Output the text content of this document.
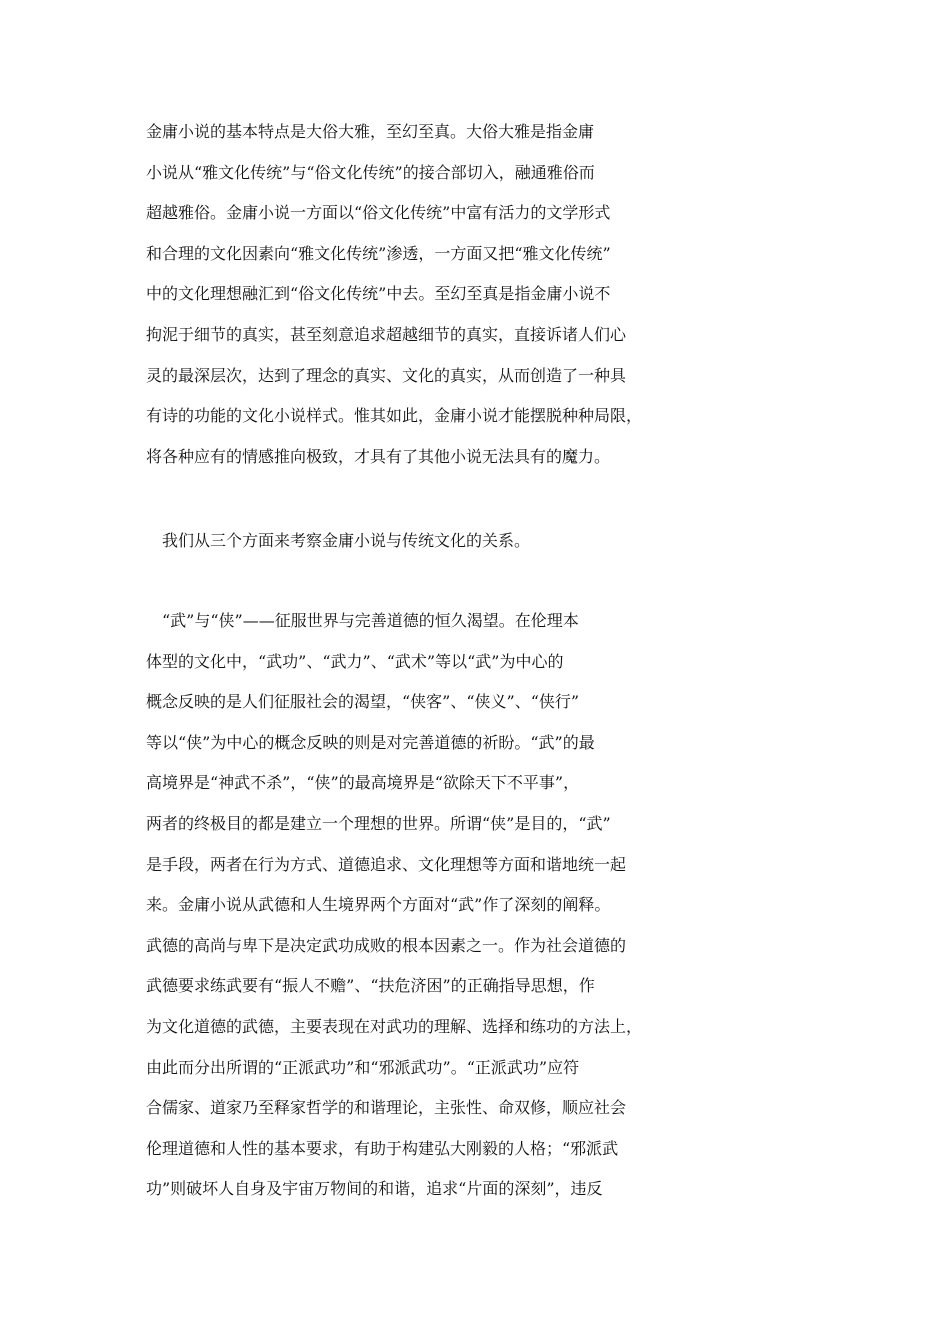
金庸小说的基本特点是大俗大雅，至幻至真。大俗大雅是指金庸
小说从“雅文化传统”与“俗文化传统”的接合部切入，融通雅俗而
超越雅俗。金庸小说一方面以“俗文化传统”中富有活力的文学形式
和合理的文化因素向“雅文化传统”渗透，一方面又把“雅文化传统”
中的文化理想融汇到“俗文化传统”中去。至幻至真是指金庸小说不
拘泥于细节的真实，甚至刻意追求超越细节的真实，直接诉诸人们心
灵的最深层次，达到了理念的真实、文化的真实，从而创造了一种具
有诗的功能的文化小说样式。惟其如此，金庸小说才能摆脱种种局限，
将各种应有的情感推向极致，才具有了其他小说无法具有的魔力。
我们从三个方面来考察金庸小说与传统文化的关系。
“武”与“侠”——征服世界与完善道德的恒久渴望。在伦理本
体型的文化中，“武功”、“武力”、“武术”等以“武”为中心的
概念反映的是人们征服社会的渴望，“侠客”、“侠义”、“侠行”
等以“侠”为中心的概念反映的则是对完善道德的祈盼。“武”的最
高境界是“神武不杀”，“侠”的最高境界是“欲除天下不平事”，
两者的终极目的都是建立一个理想的世界。所谓“侠”是目的，“武”
是手段，两者在行为方式、道德追求、文化理想等方面和谐地统一起
来。金庸小说从武德和人生境界两个方面对“武”作了深刻的阐释。
武德的高尚与卑下是决定武功成败的根本因素之一。作为社会道德的
武德要求练武要有“振人不赡”、“扶危济困”的正确指导思想，作
为文化道德的武德，主要表现在对武功的理解、选择和练功的方法上，
由此而分出所谓的“正派武功”和“邪派武功”。“正派武功”应符
合儒家、道家乃至释家哲学的和谐理论，主张性、命双修，顺应社会
伦理道德和人性的基本要求，有助于构建弘大刚毅的人格；“邪派武
功”则破坏人自身及宇宙万物间的和谐，追求“片面的深刻”，违反
